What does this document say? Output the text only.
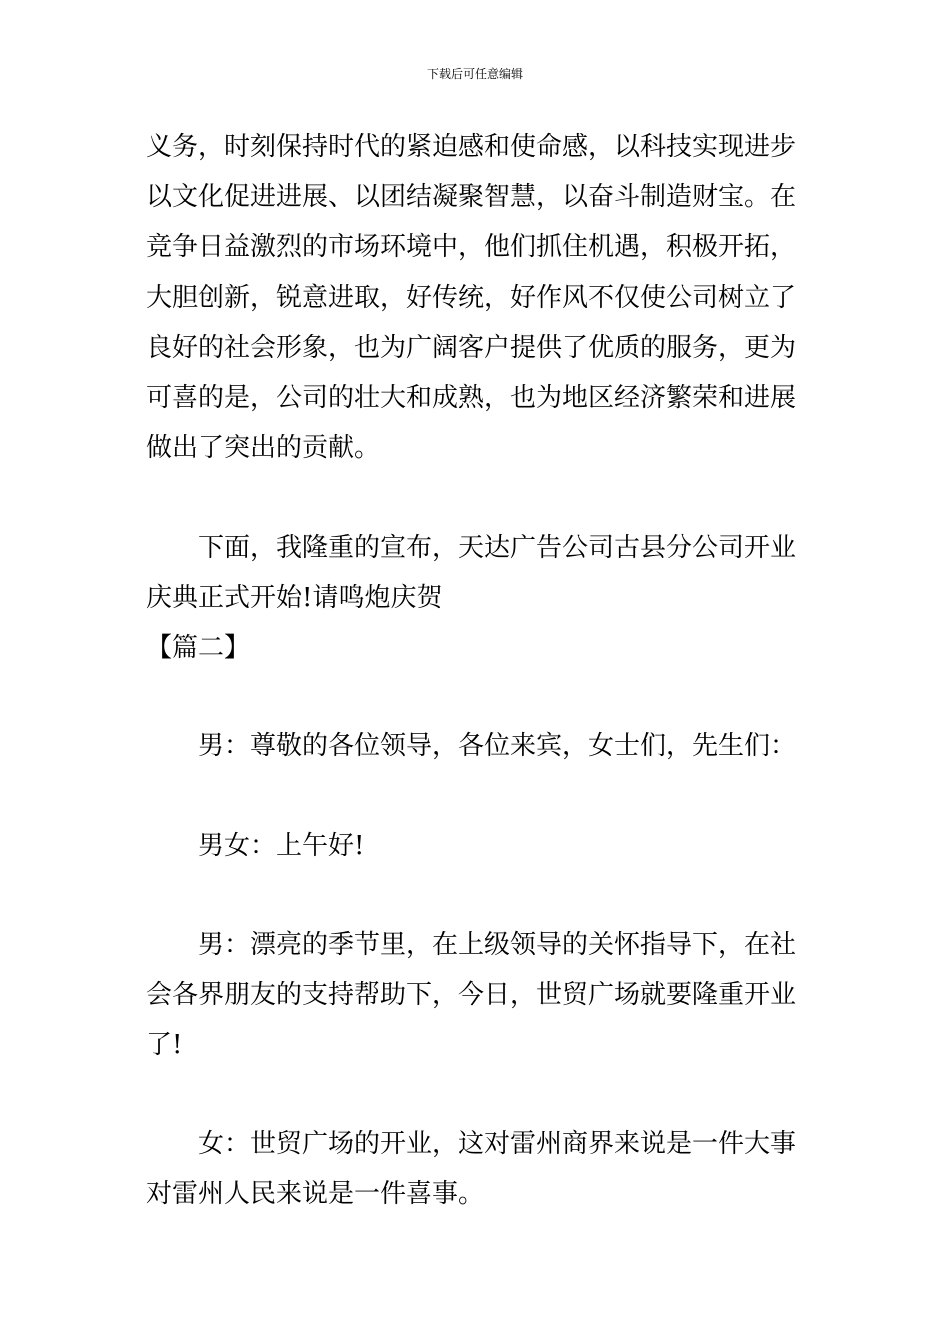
下载后可任意编辑
义务，时刻保持时代的紧迫感和使命感，以科技实现进步
以文化促进进展、以团结凝聚智慧，以奋斗制造财宝。在
竞争日益激烈的市场环境中，他们抓住机遇，积极开拓，
大胆创新，锐意进取，好传统，好作风不仅使公司树立了
良好的社会形象，也为广阔客户提供了优质的服务，更为
可喜的是，公司的壮大和成熟，也为地区经济繁荣和进展
做出了突出的贡献。
　　下面，我隆重的宣布，天达广告公司古县分公司开业
庆典正式开始!请鸣炮庆贺
【篇二】
　　男：尊敬的各位领导，各位来宾，女士们，先生们：
　　男女：上午好!
　　男：漂亮的季节里，在上级领导的关怀指导下，在社
会各界朋友的支持帮助下，今日，世贸广场就要隆重开业
了!
　　女：世贸广场的开业，这对雷州商界来说是一件大事
对雷州人民来说是一件喜事。
